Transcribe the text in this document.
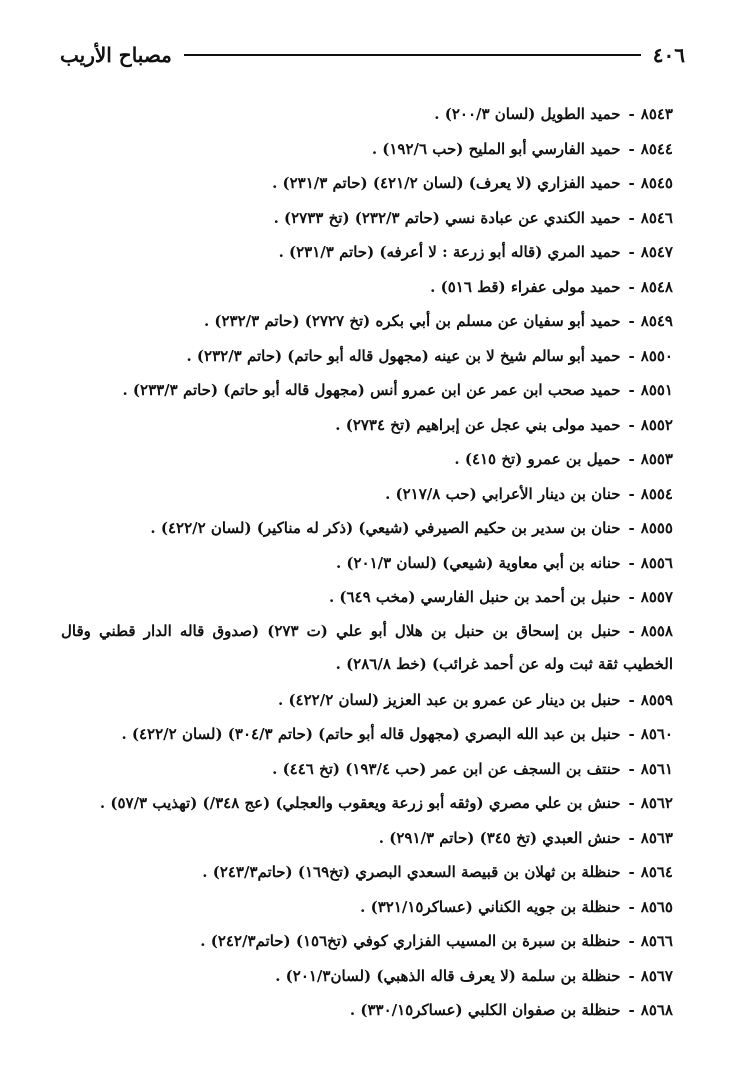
٤٠٦
مصباح الأريب
٨٥٤٣-حميد الطويل (لسان ٢٠٠/٣) .
٨٥٤٤-حميد الفارسي أبو المليح (حب ١٩٢/٦) .
٨٥٤٥-حميد الفزاري (لا يعرف) (لسان ٤٢١/٢) (حاتم ٢٣١/٣) .
٨٥٤٦-حميد الكندي عن عبادة نسي (حاتم ٢٣٢/٣) (تخ ٢٧٣٣) .
٨٥٤٧-حميد المري (قاله أبو زرعة : لا أعرفه) (حاتم ٢٣١/٣) .
٨٥٤٨-حميد مولى عفراء (قط ٥١٦) .
٨٥٤٩-حميد أبو سفيان عن مسلم بن أبي بكره (تخ ٢٧٢٧) (حاتم ٢٣٢/٣) .
٨٥٥٠-حميد أبو سالم شيخ لا بن عينه (مجهول قاله أبو حاتم) (حاتم ٢٣٢/٣) .
٨٥٥١-حميد صحب ابن عمر عن ابن عمرو أنس (مجهول قاله أبو حاتم) (حاتم ٢٣٣/٣) .
٨٥٥٢-حميد مولى بني عجل عن إبراهيم (تخ ٢٧٣٤) .
٨٥٥٣-حميل بن عمرو (تخ ٤١٥) .
٨٥٥٤-حنان بن دينار الأعرابي (حب ٢١٧/٨) .
٨٥٥٥-حنان بن سدير بن حكيم الصيرفي (شيعي) (ذكر له مناكير) (لسان ٤٢٢/٢) .
٨٥٥٦-حنانه بن أبي معاوية (شيعي) (لسان ٢٠١/٣) .
٨٥٥٧-حنبل بن أحمد بن حنبل الفارسي (مخب ٦٤٩) .
٨٥٥٨-حنبل بن إسحاق بن حنبل بن هلال أبو علي (ت ٢٧٣) (صدوق قاله الدار قطني وقال الخطيب ثقة ثبت وله عن أحمد غرائب) (خط ٢٨٦/٨) .
٨٥٥٩-حنبل بن دينار عن عمرو بن عبد العزيز (لسان ٤٢٢/٢) .
٨٥٦٠-حنبل بن عبد الله البصري (مجهول قاله أبو حاتم) (حاتم ٣٠٤/٣) (لسان ٤٢٢/٢) .
٨٥٦١-حنتف بن السجف عن ابن عمر (حب ١٩٣/٤) (تخ ٤٤٦) .
٨٥٦٢-حنش بن علي مصري (وثقه أبو زرعة ويعقوب والعجلي) (عج ٣٤٨/) (تهذيب ٥٧/٣) .
٨٥٦٣-حنش العبدي (تخ ٣٤٥) (حاتم ٢٩١/٣) .
٨٥٦٤-حنظلة بن ثهلان بن قبيصة السعدي البصري (تخ١٦٩) (حاتم٢٤٣/٣) .
٨٥٦٥-حنظلة بن جويه الكناني (عساكر٣٢١/١٥) .
٨٥٦٦-حنظلة بن سبرة بن المسيب الفزاري كوفي (تخ١٥٦) (حاتم٢٤٢/٣) .
٨٥٦٧-حنظلة بن سلمة (لا يعرف قاله الذهبي) (لسان٢٠١/٣) .
٨٥٦٨-حنظلة بن صفوان الكلبي (عساكر٣٣٠/١٥) .
